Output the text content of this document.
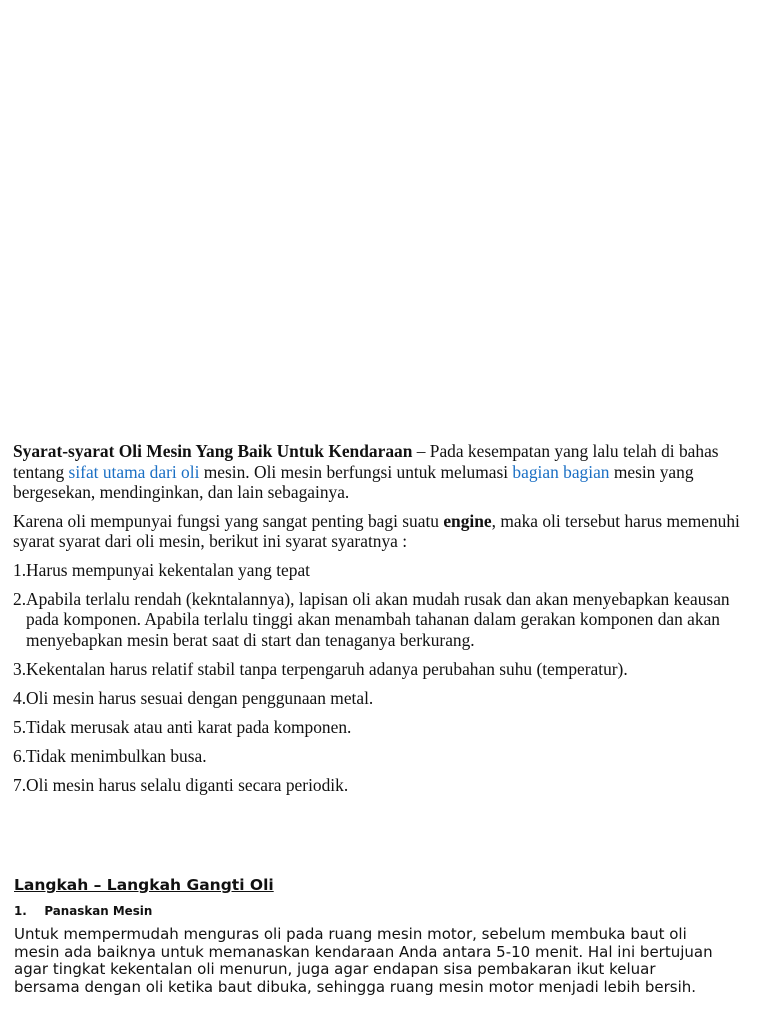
Syarat-syarat Oli Mesin Yang Baik Untuk Kendaraan – Pada kesempatan yang lalu telah di bahas tentang sifat utama dari oli mesin. Oli mesin berfungsi untuk melumasi bagian bagian mesin yang bergesekan, mendinginkan, dan lain sebagainya.

Karena oli mempunyai fungsi yang sangat penting bagi suatu engine, maka oli tersebut harus memenuhi syarat syarat dari oli mesin, berikut ini syarat syaratnya :

1. Harus mempunyai kekentalan yang tepat
2. Apabila terlalu rendah (kekntalannya), lapisan oli akan mudah rusak dan akan menyebapkan keausan pada komponen. Apabila terlalu tinggi akan menambah tahanan dalam gerakan komponen dan akan menyebapkan mesin berat saat di start dan tenaganya berkurang.
3. Kekentalan harus relatif stabil tanpa terpengaruh adanya perubahan suhu (temperatur).
4. Oli mesin harus sesuai dengan penggunaan metal.
5. Tidak merusak atau anti karat pada komponen.
6. Tidak menimbulkan busa.
7. Oli mesin harus selalu diganti secara periodik.

Langkah – Langkah Gangti Oli

1.	Panaskan Mesin

Untuk mempermudah menguras oli pada ruang mesin motor, sebelum membuka baut oli mesin ada baiknya untuk memanaskan kendaraan Anda antara 5-10 menit. Hal ini bertujuan agar tingkat kekentalan oli menurun, juga agar endapan sisa pembakaran ikut keluar bersama dengan oli ketika baut dibuka, sehingga ruang mesin motor menjadi lebih bersih.
